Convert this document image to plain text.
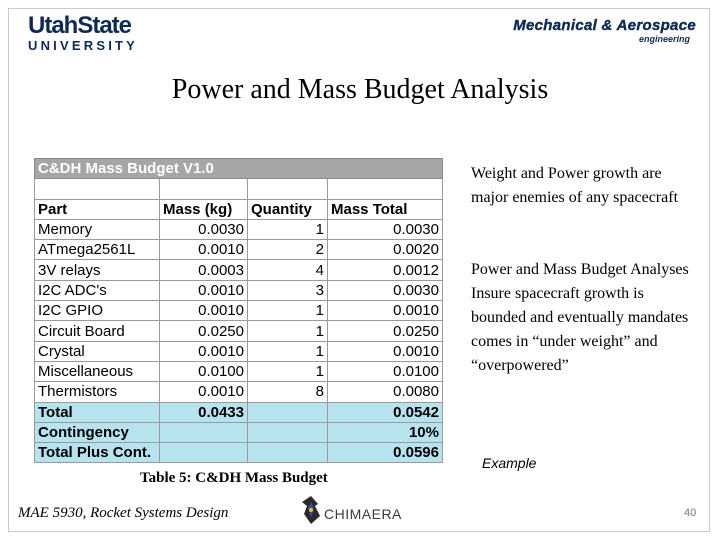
UtahState
UNIVERSITY
Mechanical & Aerospace
engineering
Power and Mass Budget Analysis
C&DH Mass Budget V1.0			

Part	Mass (kg)	Quantity	Mass Total
Memory	0.0030	1	0.0030
ATmega2561L	0.0010	2	0.0020
3V relays	0.0003	4	0.0012
I2C ADC's	0.0010	3	0.0030
I2C GPIO	0.0010	1	0.0010
Circuit Board	0.0250	1	0.0250
Crystal	0.0010	1	0.0010
Miscellaneous	0.0100	1	0.0100
Thermistors	0.0010	8	0.0080
Total	0.0433		0.0542
Contingency			10%
Total Plus Cont.			0.0596
Table 5: C&DH Mass Budget
Weight and Power growth are major enemies of any spacecraft
Power and Mass Budget Analyses Insure spacecraft growth is bounded and eventually mandates comes in “under weight” and “overpowered”
Example
MAE 5930, Rocket Systems Design	CHIMAERA	40
